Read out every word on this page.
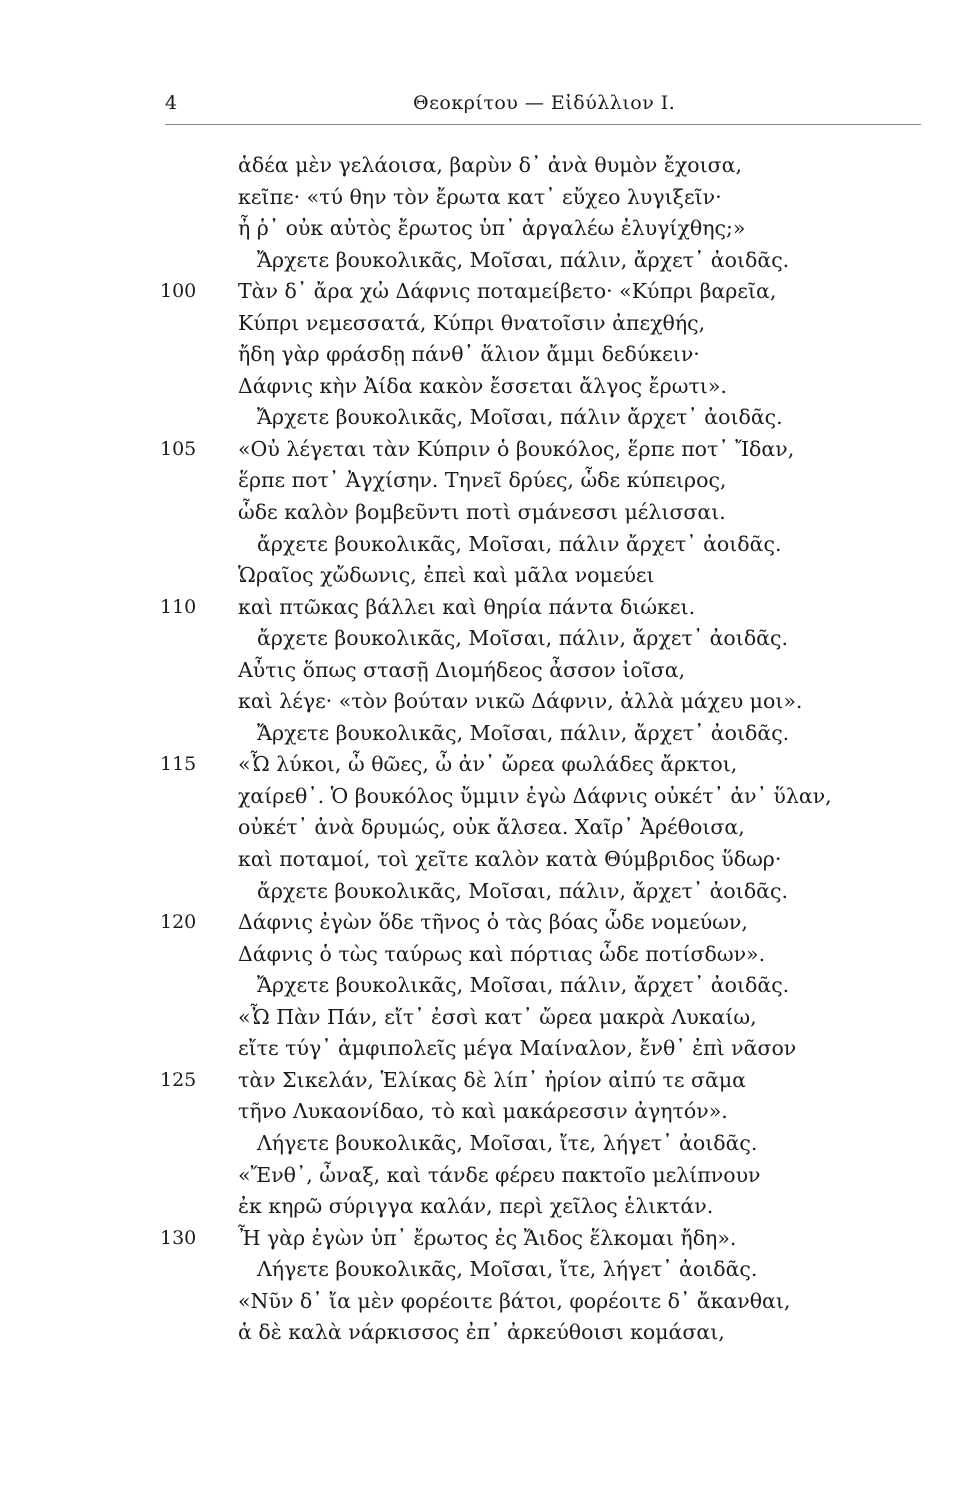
4	Θεοκρίτου — Εἰδύλλιον Ι.
ἁδέα μὲν γελάοισα, βαρὺν δ᾽ ἀνὰ θυμὸν ἔχοισα,
κεῖπε· «τύ θην τὸν ἔρωτα κατ᾽ εὔχεο λυγιξεῖν·
ἦ ῥ᾽ οὐκ αὐτὸς ἔρωτος ὑπ᾽ ἀργαλέω ἐλυγίχθης;»
Ἄρχετε βουκολικᾶς, Μοῖσαι, πάλιν, ἄρχετ᾽ ἀοιδᾶς.
100	Τὰν δ᾽ ἄρα χὠ Δάφνις ποταμείβετο· «Κύπρι βαρεῖα,
Κύπρι νεμεσσατά, Κύπρι θνατοῖσιν ἀπεχθής,
ἤδη γὰρ φράσδῃ πάνθ᾽ ἅλιον ἄμμι δεδύκειν·
Δάφνις κὴν Ἀίδα κακὸν ἔσσεται ἄλγος ἔρωτι».
Ἄρχετε βουκολικᾶς, Μοῖσαι, πάλιν ἄρχετ᾽ ἀοιδᾶς.
105	«Οὐ λέγεται τὰν Κύπριν ὁ βουκόλος, ἕρπε ποτ᾽ Ἴδαν,
ἕρπε ποτ᾽ Ἀγχίσην. Τηνεῖ δρύες, ὧδε κύπειρος,
ὧδε καλὸν βομβεῦντι ποτὶ σμάνεσσι μέλισσαι.
ἄρχετε βουκολικᾶς, Μοῖσαι, πάλιν ἄρχετ᾽ ἀοιδᾶς.
Ὡραῖος χὤδωνις, ἐπεὶ καὶ μᾶλα νομεύει
110	καὶ πτῶκας βάλλει καὶ θηρία πάντα διώκει.
ἄρχετε βουκολικᾶς, Μοῖσαι, πάλιν, ἄρχετ᾽ ἀοιδᾶς.
Αὖτις ὅπως στασῇ Διομήδεος ἆσσον ἰοῖσα,
καὶ λέγε· «τὸν βούταν νικῶ Δάφνιν, ἀλλὰ μάχευ μοι».
Ἄρχετε βουκολικᾶς, Μοῖσαι, πάλιν, ἄρχετ᾽ ἀοιδᾶς.
115	«Ὦ λύκοι, ὦ θῶες, ὦ ἀν᾽ ὤρεα φωλάδες ἄρκτοι,
χαίρεθ᾽. Ὁ βουκόλος ὔμμιν ἐγὼ Δάφνις οὐκέτ᾽ ἀν᾽ ὕλαν,
οὐκέτ᾽ ἀνὰ δρυμώς, οὐκ ἄλσεα. Χαῖρ᾽ Ἀρέθοισα,
καὶ ποταμοί, τοὶ χεῖτε καλὸν κατὰ Θύμβριδος ὕδωρ·
ἄρχετε βουκολικᾶς, Μοῖσαι, πάλιν, ἄρχετ᾽ ἀοιδᾶς.
120	Δάφνις ἐγὼν ὅδε τῆνος ὁ τὰς βόας ὧδε νομεύων,
Δάφνις ὁ τὼς ταύρως καὶ πόρτιας ὧδε ποτίσδων».
Ἄρχετε βουκολικᾶς, Μοῖσαι, πάλιν, ἄρχετ᾽ ἀοιδᾶς.
«Ὦ Πὰν Πάν, εἴτ᾽ ἐσσὶ κατ᾽ ὤρεα μακρὰ Λυκαίω,
εἴτε τύγ᾽ ἀμφιπολεῖς μέγα Μαίναλον, ἔνθ᾽ ἐπὶ νᾶσον
125	τὰν Σικελάν, Ἑλίκας δὲ λίπ᾽ ἠρίον αἰπύ τε σᾶμα
τῆνο Λυκαονίδαο, τὸ καὶ μακάρεσσιν ἀγητόν».
Λήγετε βουκολικᾶς, Μοῖσαι, ἴτε, λήγετ᾽ ἀοιδᾶς.
«Ἔνθ᾽, ὦναξ, καὶ τάνδε φέρευ πακτοῖο μελίπνουν
ἐκ κηρῶ σύριγγα καλάν, περὶ χεῖλος ἑλικτάν.
130	Ἦ γὰρ ἐγὼν ὑπ᾽ ἔρωτος ἐς Ἄιδος ἕλκομαι ἤδη».
Λήγετε βουκολικᾶς, Μοῖσαι, ἴτε, λήγετ᾽ ἀοιδᾶς.
«Νῦν δ᾽ ἴα μὲν φορέοιτε βάτοι, φορέοιτε δ᾽ ἄκανθαι,
ἁ δὲ καλὰ νάρκισσος ἐπ᾽ ἀρκεύθοισι κομάσαι,
